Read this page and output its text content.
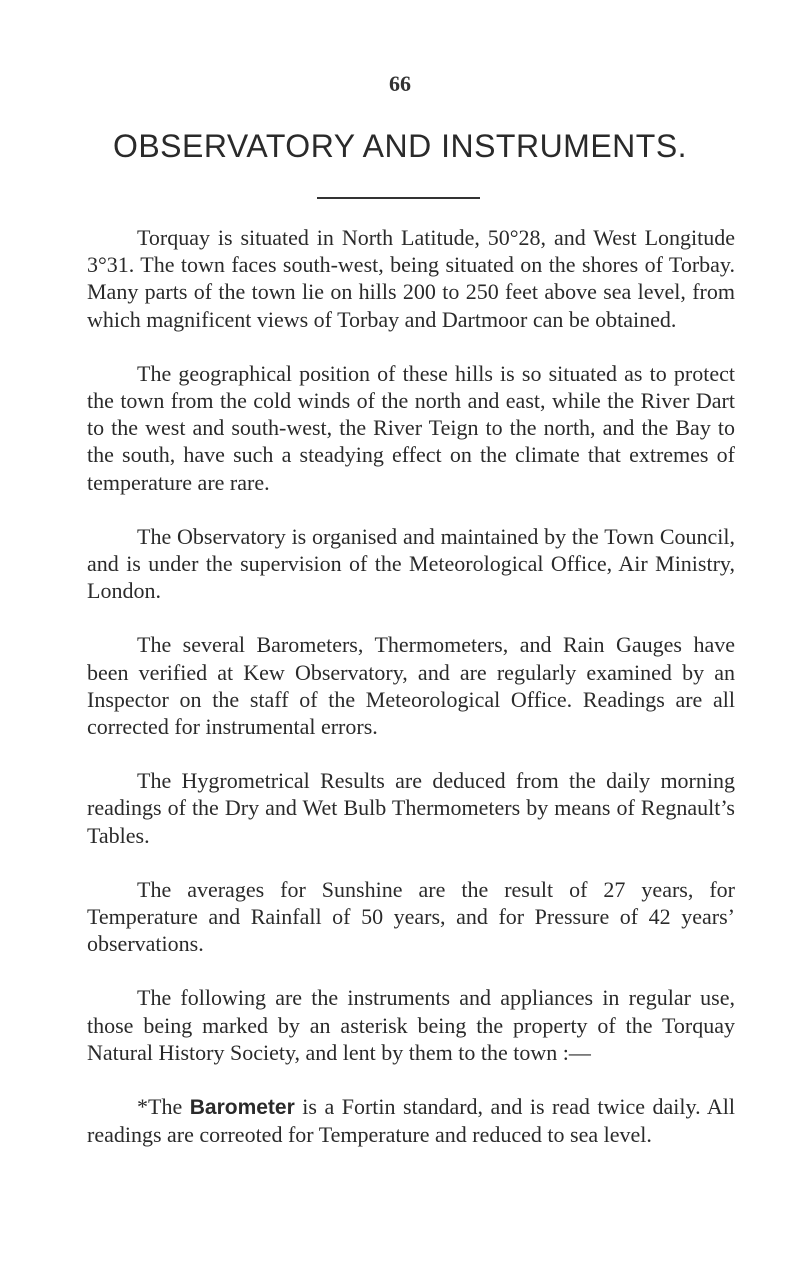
66
OBSERVATORY AND INSTRUMENTS.

Torquay is situated in North Latitude, 50°28, and West Longitude 3°31. The town faces south-west, being situated on the shores of Torbay. Many parts of the town lie on hills 200 to 250 feet above sea level, from which magnificent views of Torbay and Dartmoor can be obtained.

The geographical position of these hills is so situated as to protect the town from the cold winds of the north and east, while the River Dart to the west and south-west, the River Teign to the north, and the Bay to the south, have such a steadying effect on the climate that extremes of temperature are rare.

The Observatory is organised and maintained by the Town Council, and is under the supervision of the Meteorological Office, Air Ministry, London.

The several Barometers, Thermometers, and Rain Gauges have been verified at Kew Observatory, and are regularly examined by an Inspector on the staff of the Meteorological Office. Readings are all corrected for instrumental errors.

The Hygrometrical Results are deduced from the daily morning readings of the Dry and Wet Bulb Thermometers by means of Regnault’s Tables.

The averages for Sunshine are the result of 27 years, for Temperature and Rainfall of 50 years, and for Pressure of 42 years’ observations.

The following are the instruments and appliances in regular use, those being marked by an asterisk being the property of the Torquay Natural History Society, and lent by them to the town :—

*The Barometer is a Fortin standard, and is read twice daily. All readings are correoted for Temperature and reduced to sea level.
